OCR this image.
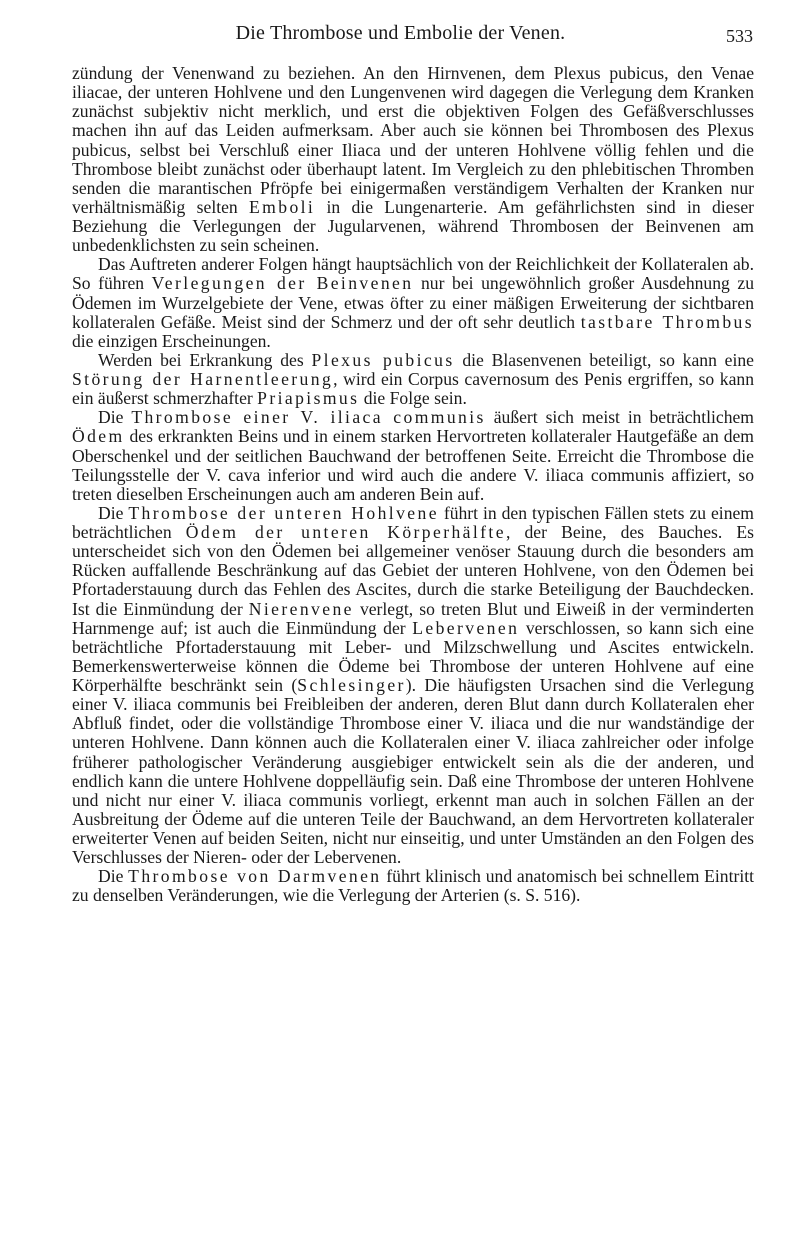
Die Thrombose und Embolie der Venen.	533

zündung der Venenwand zu beziehen. An den Hirnvenen, dem Plexus pubicus, den Venae iliacae, der unteren Hohlvene und den Lungenvenen wird dagegen die Verlegung dem Kranken zunächst subjektiv nicht merklich, und erst die objektiven Folgen des Gefäßverschlusses machen ihn auf das Leiden aufmerksam. Aber auch sie können bei Thrombosen des Plexus pubicus, selbst bei Verschluß einer Iliaca und der unteren Hohlvene völlig fehlen und die Thrombose bleibt zunächst oder überhaupt latent. Im Vergleich zu den phlebitischen Thromben senden die marantischen Pfröpfe bei einigermaßen verständigem Verhalten der Kranken nur verhältnismäßig selten Emboli in die Lungenarterie. Am gefährlichsten sind in dieser Beziehung die Verlegungen der Jugularvenen, während Thrombosen der Beinvenen am unbedenklichsten zu sein scheinen.

Das Auftreten anderer Folgen hängt hauptsächlich von der Reichlichkeit der Kollateralen ab. So führen Verlegungen der Beinvenen nur bei ungewöhnlich großer Ausdehnung zu Ödemen im Wurzelgebiete der Vene, etwas öfter zu einer mäßigen Erweiterung der sichtbaren kollateralen Gefäße. Meist sind der Schmerz und der oft sehr deutlich tastbare Thrombus die einzigen Erscheinungen.

Werden bei Erkrankung des Plexus pubicus die Blasenvenen beteiligt, so kann eine Störung der Harnentleerung, wird ein Corpus cavernosum des Penis ergriffen, so kann ein äußerst schmerzhafter Priapismus die Folge sein.

Die Thrombose einer V. iliaca communis äußert sich meist in beträchtlichem Ödem des erkrankten Beins und in einem starken Hervortreten kollateraler Hautgefäße an dem Oberschenkel und der seitlichen Bauchwand der betroffenen Seite. Erreicht die Thrombose die Teilungsstelle der V. cava inferior und wird auch die andere V. iliaca communis affiziert, so treten dieselben Erscheinungen auch am anderen Bein auf.

Die Thrombose der unteren Hohlvene führt in den typischen Fällen stets zu einem beträchtlichen Ödem der unteren Körperhälfte, der Beine, des Bauches. Es unterscheidet sich von den Ödemen bei allgemeiner venöser Stauung durch die besonders am Rücken auffallende Beschränkung auf das Gebiet der unteren Hohlvene, von den Ödemen bei Pfortaderstauung durch das Fehlen des Ascites, durch die starke Beteiligung der Bauchdecken. Ist die Einmündung der Nierenvene verlegt, so treten Blut und Eiweiß in der verminderten Harnmenge auf; ist auch die Einmündung der Lebervenen verschlossen, so kann sich eine beträchtliche Pfortaderstauung mit Leber- und Milzschwellung und Ascites entwickeln. Bemerkenswerterweise können die Ödeme bei Thrombose der unteren Hohlvene auf eine Körperhälfte beschränkt sein (Schlesinger). Die häufigsten Ursachen sind die Verlegung einer V. iliaca communis bei Freibleiben der anderen, deren Blut dann durch Kollateralen eher Abfluß findet, oder die vollständige Thrombose einer V. iliaca und die nur wandständige der unteren Hohlvene. Dann können auch die Kollateralen einer V. iliaca zahlreicher oder infolge früherer pathologischer Veränderung ausgiebiger entwickelt sein als die der anderen, und endlich kann die untere Hohlvene doppelläufig sein. Daß eine Thrombose der unteren Hohlvene und nicht nur einer V. iliaca communis vorliegt, erkennt man auch in solchen Fällen an der Ausbreitung der Ödeme auf die unteren Teile der Bauchwand, an dem Hervortreten kollateraler erweiterter Venen auf beiden Seiten, nicht nur einseitig, und unter Umständen an den Folgen des Verschlusses der Nieren- oder der Lebervenen.

Die Thrombose von Darmvenen führt klinisch und anatomisch bei schnellem Eintritt zu denselben Veränderungen, wie die Verlegung der Arterien (s. S. 516).
